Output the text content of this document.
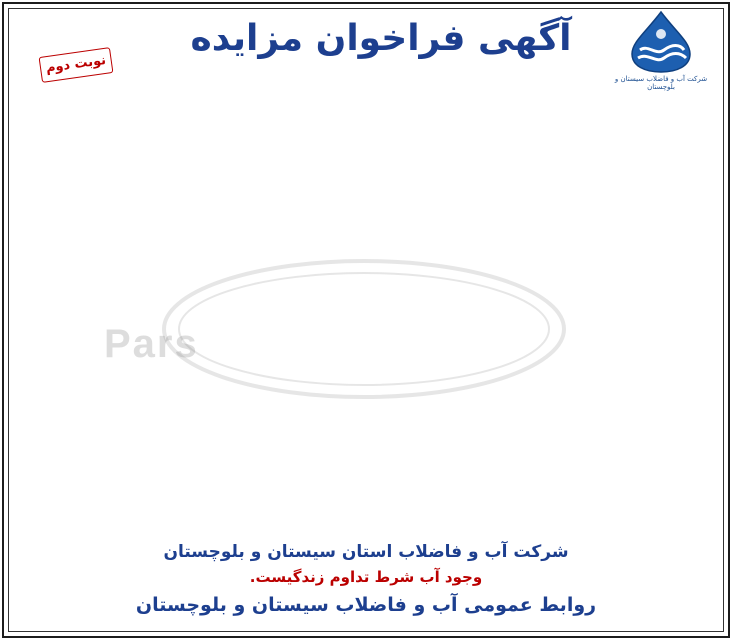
شرکت آب و فاضلاب سیستان و بلوچستان
آگهی فراخوان مزایده
نوبت دوم
Pars
شرکت آب و فاضلاب استان سیستان و بلوچستان
وجود آب شرط تداوم زندگیست.
روابط عمومی آب و فاضلاب سیستان و بلوچستان
